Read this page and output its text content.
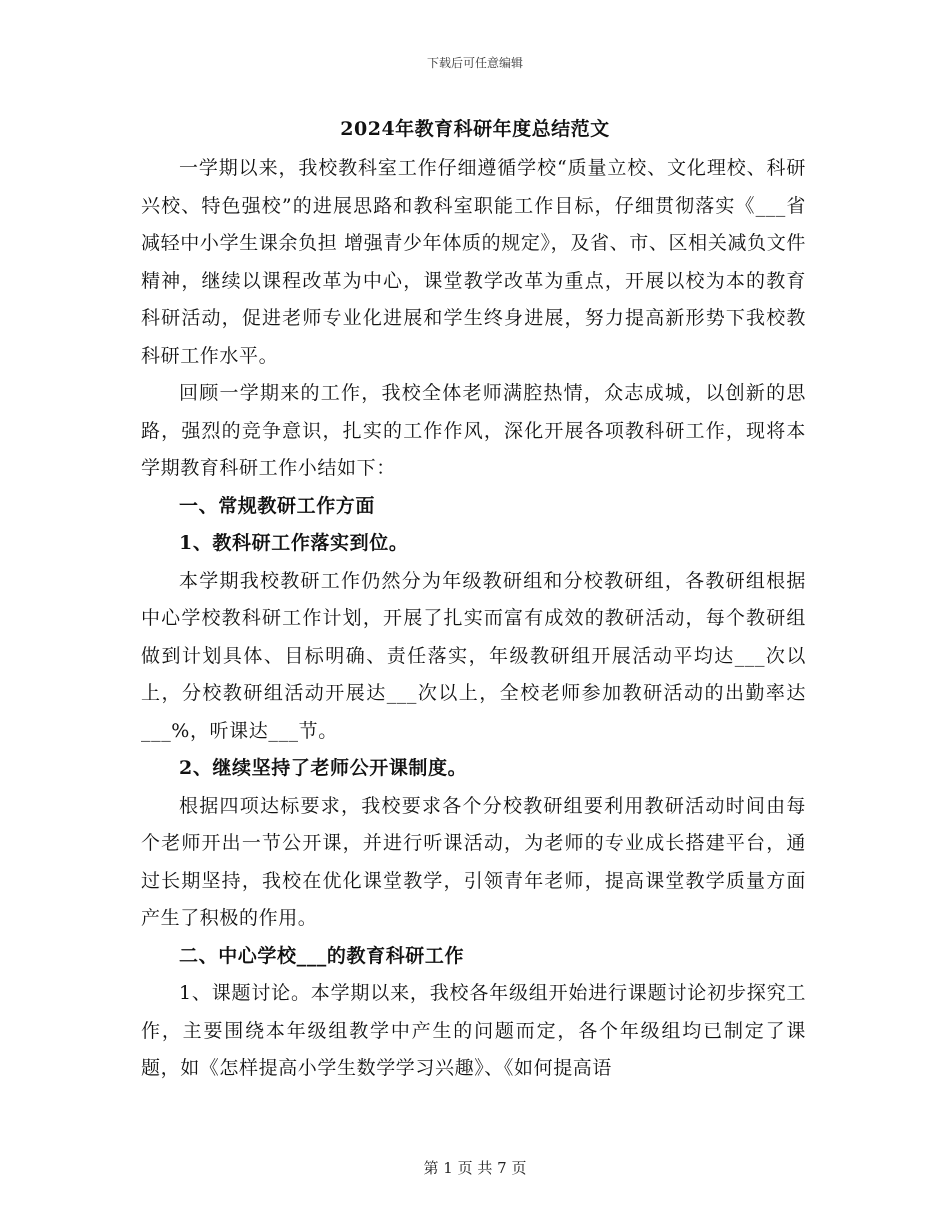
下载后可任意编辑
2024年教育科研年度总结范文

一学期以来，我校教科室工作仔细遵循学校“质量立校、文化理校、科研兴校、特色强校”的进展思路和教科室职能工作目标，仔细贯彻落实《___省减轻中小学生课余负担 增强青少年体质的规定》，及省、市、区相关减负文件精神，继续以课程改革为中心，课堂教学改革为重点，开展以校为本的教育科研活动，促进老师专业化进展和学生终身进展，努力提高新形势下我校教科研工作水平。

回顾一学期来的工作，我校全体老师满腔热情，众志成城，以创新的思路，强烈的竞争意识，扎实的工作作风，深化开展各项教科研工作，现将本学期教育科研工作小结如下：

一、常规教研工作方面

1、教科研工作落实到位。

本学期我校教研工作仍然分为年级教研组和分校教研组，各教研组根据中心学校教科研工作计划，开展了扎实而富有成效的教研活动，每个教研组做到计划具体、目标明确、责任落实，年级教研组开展活动平均达___次以上，分校教研组活动开展达___次以上，全校老师参加教研活动的出勤率达___%，听课达___节。

2、继续坚持了老师公开课制度。

根据四项达标要求，我校要求各个分校教研组要利用教研活动时间由每个老师开出一节公开课，并进行听课活动，为老师的专业成长搭建平台，通过长期坚持，我校在优化课堂教学，引领青年老师，提高课堂教学质量方面产生了积极的作用。

二、中心学校___的教育科研工作

1、课题讨论。本学期以来，我校各年级组开始进行课题讨论初步探究工作，主要围绕本年级组教学中产生的问题而定，各个年级组均已制定了课题，如《怎样提高小学生数学学习兴趣》、《如何提高语

第 1 页 共 7 页
